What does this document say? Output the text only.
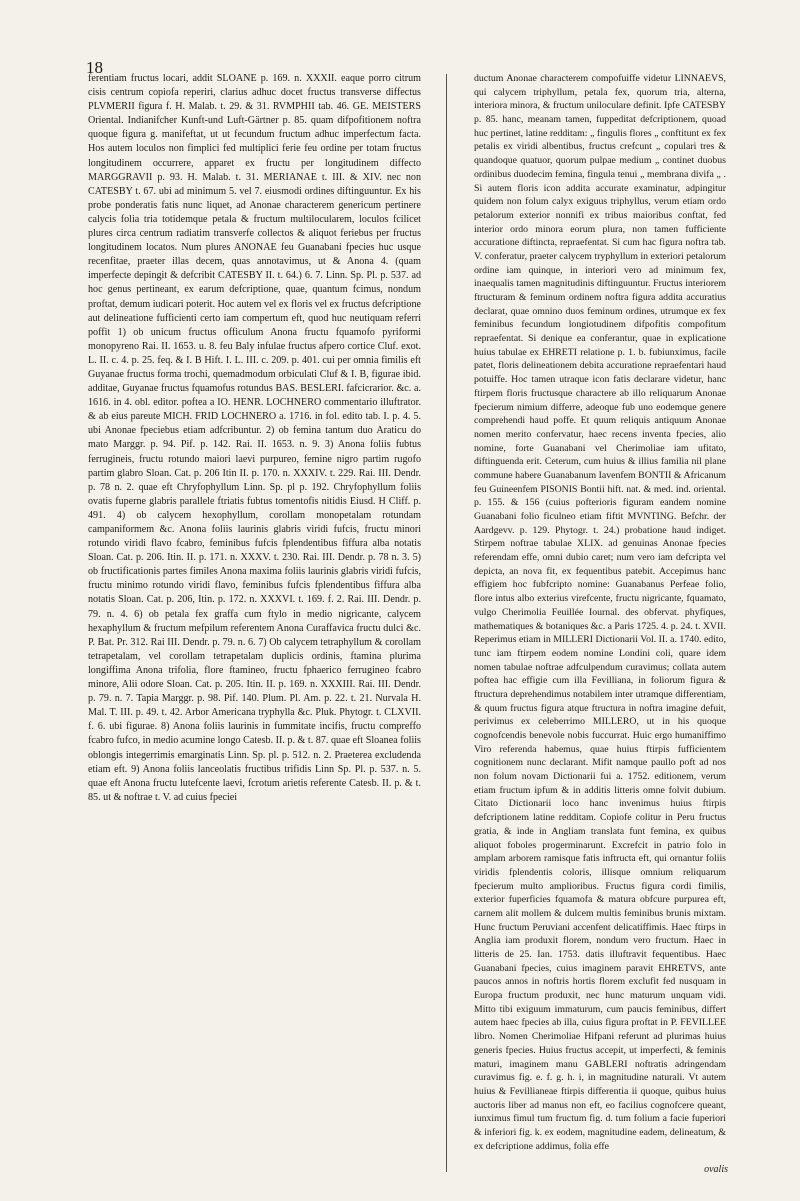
18

ferentiam fructus locari, addit SLOANE p. 169. n. XXXII. eaque porro citrum cisis centrum copiofa reperiri, clarius adhuc docet fructus transverse diffectus PLVMERII figura f. H. Malab. t. 29. & 31. RVMPHII tab. 46. GE. MEISTERS Oriental. Indianifcher Kunft-und Luft-Gärtner p. 85. quam difpofitionem noftra quoque figura g. manifeftat, ut ut fecundum fructum adhuc imperfectum facta. Hos autem loculos non fimplici fed multiplici ferie feu ordine per totam fructus longitudinem occurrere, apparet ex fructu per longitudinem diffecto MARGGRAVII p. 93. H. Malab. t. 31. MERIANAE t. III. & XIV. nec non CATESBY t. 67. ubi ad minimum 5. vel 7. eiusmodi ordines diftinguuntur. Ex his probe ponderatis fatis nunc liquet, ad Anonae characterem genericum pertinere calycis folia tria totidemque petala & fructum multilocularem, loculos fcilicet plures circa centrum radiatim transverfe collectos & aliquot feriebus per fructus longitudinem locatos. Num plures ANONAE feu Guanabani fpecies huc usque recenfitae, praeter illas decem, quas annotavimus, ut & Anona 4. (quam imperfecte depingit & defcribit CATESBY II. t. 64.) 6. 7. Linn. Sp. Pl. p. 537. ad hoc genus pertineant, ex earum defcriptione, quae, quantum fcimus, nondum proftat, demum iudicari poterit. Hoc autem vel ex floris vel ex fructus defcriptione aut delineatione fufficienti certo iam compertum eft, quod huc neutiquam referri poffit 1) ob unicum fructus officulum Anona fructu fquamofo pyriformi monopyreno Rai. II. 1653. u. 8. feu Baly infulae fructus afpero cortice Cluf. exot. L. II. c. 4. p. 25. feq. & I. B Hift. I. L. III. c. 209. p. 401. cui per omnia fimilis eft Guyanae fructus forma trochi, quemadmodum orbiculati Cluf & I. B, figurae ibid. additae, Guyanae fructus fquamofus rotundus BAS. BESLERI. fafcicrarior. &c. a. 1616. in 4. obl. editor. poftea a IO. HENR. LOCHNERO commentario illuftrator. & ab eius pareute MICH. FRID LOCHNERO a. 1716. in fol. edito tab. I. p. 4. 5. ubi Anonae fpeciebus etiam adfcribuntur. 2) ob femina tantum duo Araticu do mato Marggr. p. 94. Pif. p. 142. Rai. II. 1653. n. 9. 3) Anona foliis fubtus ferrugineis, fructu rotundo maiori laevi purpureo, femine nigro partim rugofo partim glabro Sloan. Cat. p. 206 Itin II. p. 170. n. XXXIV. t. 229. Rai. III. Dendr. p. 78 n. 2. quae eft Chryfophyllum Linn. Sp. pl p. 192. Chryfophyllum foliis ovatis fuperne glabris parallele ftriatis fubtus tomentofis nitidis Eiusd. H Cliff. p. 491. 4) ob calycem hexophyllum, corollam monopetalam rotundam campaniformem &c. Anona foliis laurinis glabris viridi fufcis, fructu minori rotundo viridi flavo fcabro, feminibus fufcis fplendentibus fiffura alba notatis Sloan. Cat. p. 206. Itin. II. p. 171. n. XXXV. t. 230. Rai. III. Dendr. p. 78 n. 3. 5) ob fructificationis partes fimiles Anona maxima foliis laurinis glabris viridi fufcis, fructu minimo rotundo viridi flavo, feminibus fufcis fplendentibus fiffura alba notatis Sloan. Cat. p. 206, Itin. p. 172. n. XXXVI. t. 169. f. 2. Rai. III. Dendr. p. 79. n. 4. 6) ob petala fex graffa cum ftylo in medio nigricante, calycem hexaphyllum & fructum mefpilum referentem Anona Curaffavica fructu dulci &c. P. Bat. Pr. 312. Rai III. Dendr. p. 79. n. 6. 7) Ob calycem tetraphyllum & corollam tetrapetalam, vel corollam tetrapetalam duplicis ordinis, ftamina plurima longiffima Anona trifolia, flore ftamineo, fructu fphaerico ferrugineo fcabro minore, Alii odore Sloan. Cat. p. 205. Itin. II. p. 169. n. XXXIII. Rai. III. Dendr. p. 79. n. 7. Tapia Marggr. p. 98. Pif. 140. Plum. Pl. Am. p. 22. t. 21. Nurvala H. Mal. T. III. p. 49. t. 42. Arbor Americana tryphylla &c. Pluk. Phytogr. t. CLXVII. f. 6. ubi figurae. 8) Anona foliis laurinis in fummitate incifis, fructu compreffo fcabro fufco, in medio acuminе longo Catesb. II. p. & t. 87. quae eft Sloanea foliis oblongis integerrimis emarginatis Linn. Sp. pl. p. 512. n. 2. Praeterea excludenda etiam eft. 9) Anona foliis lanceolatis fructibus trifidis Linn Sp. Pl. p. 537. n. 5. quae eft Anona fructu lutefcente laevi, fcrotum arietis referente Catesb. II. p. & t. 85. ut & noftrae t. V. ad cuius fpeciei

ductum Anonae characterem compofuiffe videtur LINNAEVS, qui calycem triphyllum, petala fex, quorum tria, alterna, interiora minora, & fructum uniloculare definit. Ipfe CATESBY p. 85. hanc, meanam tamen, fuppeditat defcriptionem, quoad huc pertinet, latine redditam: „ fingulis flores „ conftitunt ex fex petalis ex viridi albentibus, fructus crefcunt „ copulari tres & quandoque quatuor, quorum pulpae medium „ continet duobus ordinibus duodecim femina, fingula tenui „ membrana divifa „ . Si autem floris icon addita accurate examinatur, adpingitur quidem non folum calyx exiguus triphyllus, verum etiam ordo petalorum exterior nonnifi ex tribus maioribus conftat, fed interior ordo minora eorum plura, non tamen fufficiente accuratione diftincta, repraefentat. Si cum hac figura noftra tab. V. conferatur, praeter calycem tryphyllum in exteriori petalorum ordine iam quinque, in interiori vero ad minimum fex, inaequalis tamen magnitudinis diftinguuntur. Fructus interiorem ftructuram & feminum ordinem noftra figura addita accuratius declarat, quae omnino duos feminum ordines, utrumque ex fex feminibus fecundum longiotudinem difpofitis compofitum repraefentat. Si denique ea conferantur, quae in explicatione huius tabulae ex EHRETI relatione p. 1. b. fubiunximus, facile patet, floris delineationem debita accuratione repraefentari haud potuiffe. Hoc tamen utraque icon fatis declarare videtur, hanc ftirpem floris fructusque charactere ab illo reliquarum Anonae fpecierum nimium differre, adeoque fub uno eodemque genere comprehendi haud poffe. Et quum reliquis antiquum Anonae nomen merito confervatur, haec recens inventa fpecies, alio nomine, forte Guanabani vel Cherimoliae iam ufitato, diftinguenda erit. Ceterum, cum huius & illius familia nil plane commune habere Guanabanum Iavenfem BONTII & Africanum feu Guineenfem PISONIS Bontii hift. nat. & med. ind. oriental. p. 155. & 156 (cuius pofterioris figuram eandem nomine Guanabani folio ficulneo etiam fiftit MVNTING. Befchr. der Aardgevv. p. 129. Phytogr. t. 24.) probatione haud indiget. Stirpem noftrae tabulae XLIX. ad genuinas Anonae fpecies referendam effe, omni dubio caret; num vero iam defcripta vel depicta, an nova fit, ex fequentibus patebit. Accepimus hanc effigiem hoc fubfcripto nomine: Guanabanus Perfeae folio, flore intus albo exterius virefcente, fructu nigricante, fquamato, vulgo Cherimolia Feuillée Iournal. des obfervat. phyfiques, mathematiques & botaniques &c. a Paris 1725. 4. p. 24. t. XVII. Reperimus etiam in MILLERI Dictionarii Vol. II. a. 1740. edito, tunc iam ftirpem eodem nomine Londini coli, quare idem nomen tabulae noftrae adfculpendum curavimus; collata autem poftea hac effigie cum illa Fevilliana, in foliorum figura & ftructura deprehendimus notabilem inter utramque differentiam, & quum fructus figura atque ftructura in noftra imagine defuit, perivimus ex celeberrimo MILLERO, ut in his quoque cognofcendis benevole nobis fuccurrat. Huic ergo humaniffimo Viro referenda habemus, quae huius ftirpis fufficientem cognitionem nunc declarant. Mifit namque paullo poft ad nos non folum novam Dictionarii fui a. 1752. editionem, verum etiam fructum ipfum & in additis litteris omne folvit dubium. Citato Dictionarii loco hanc invenimus huius ftirpis defcriptionem latine redditam. Copiofe colitur in Peru fructus gratia, & inde in Angliam translata funt femina, ex quibus aliquot fobolеs progerminarunt. Excrefcit in patrio folo in amplam arborem ramisque fatis inftructa eft, qui ornantur foliis viridis fplendentis coloris, illisque omnium reliquarum fpecierum multo amplioribus. Fructus figura cordi fimilis, exterior fuperficies fquamofa & matura obfcure purpurea eft, carnem alit mollem & dulcem multis feminibus brunis mixtam. Hunc fructum Peruviani accenfent delicatiffimis. Haec ftirps in Anglia iam produxit florem, nondum vero fructum. Haec in litteris de 25. Ian. 1753. datis illuftravit fequentibus. Haec Guanabani fpecies, cuius imaginem paravit EHRETVS, ante paucos annos in noftris hortis florem exclufit fed nusquam in Europa fructum produxit, nec hunc maturum unquam vidi. Mitto tibi exiguum immaturum, cum paucis feminibus, differt autem haec fpecies ab illa, cuius figura proftat in P. FEVILLEE libro. Nomen Cherimoliae Hifpani referunt ad plurimas huius generis fpecies. Huius fructus accepit, ut imperfecti, & feminis maturi, imaginem manu GABLERI noftratis adringendam curavimus fig. e. f. g. h. i, in magnitudine naturali. Vt autem huius & Fevillianeae ftirpis differentia ii quoque, quibus huius auctoris liber ad manus non eft, eo facilius cognofcere queant, iunximus fimul tum fructum fig. d. tum folium a facie fuperiori & inferiori fig. k. ex eodem, magnitudine eadem, delineatum, & ex defcriptione addimus, folia effe

ovalis
